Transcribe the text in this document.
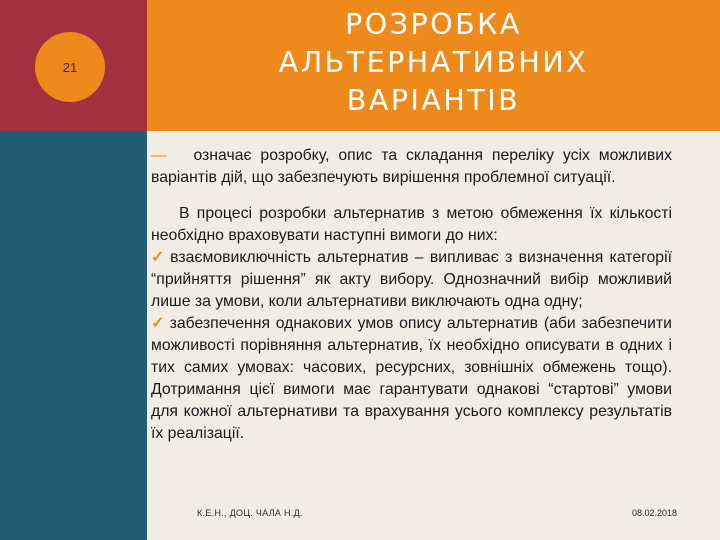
21
РОЗРОБКА
АЛЬТЕРНАТИВНИХ
ВАРІАНТІВ

— означає розробку, опис та складання переліку усіх можливих варіантів дій, що забезпечують вирішення проблемної ситуації.

В процесі розробки альтернатив з метою обмеження їх кількості необхідно враховувати наступні вимоги до них:

✓ взаємовиключність альтернатив – випливає з визначення категорії “прийняття рішення” як акту вибору. Однозначний вибір можливий лише за умови, коли альтернативи виключають одна одну;

✓ забезпечення однакових умов опису альтернатив (аби забезпечити можливості порівняння альтернатив, їх необхідно описувати в одних і тих самих умовах: часових, ресурсних, зовнішніх обмежень тощо). Дотримання цієї вимоги має гарантувати однакові “стартові” умови для кожної альтернативи та врахування усього комплексу результатів їх реалізації.

К.Е.Н., ДОЦ. ЧАЛА Н.Д.	08.02.2018
